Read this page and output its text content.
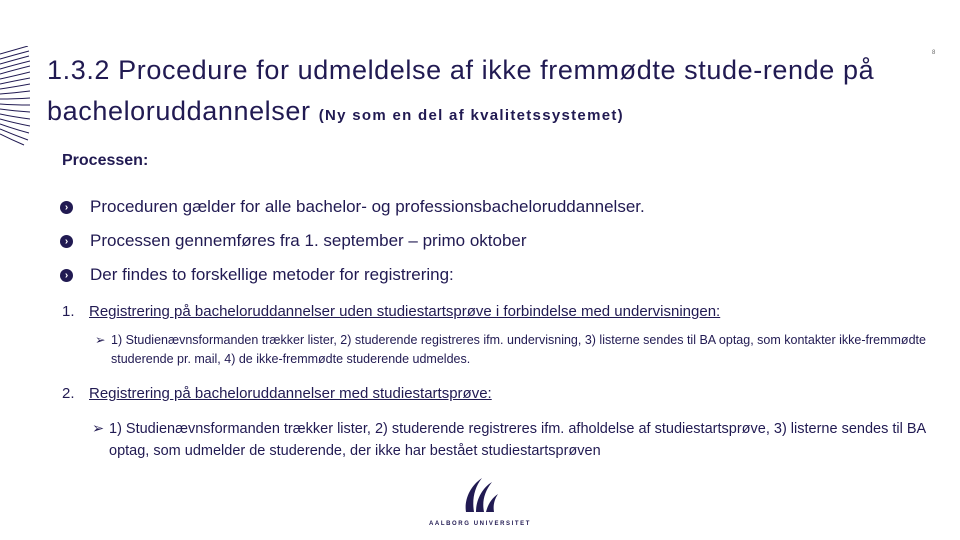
8
1.3.2 Procedure for udmeldelse af ikke fremmødte stude-rende på bacheloruddannelser (Ny som en del af kvalitetssystemet)
Processen:
› Proceduren gælder for alle bachelor- og professionsbacheloruddannelser.
› Processen gennemføres fra 1. september – primo oktober
› Der findes to forskellige metoder for registrering:
1. Registrering på bacheloruddannelser uden studiestartsprøve i forbindelse med undervisningen:
➢ 1) Studienævnsformanden trækker lister, 2) studerende registreres ifm. undervisning, 3) listerne sendes til BA optag, som kontakter ikke-fremmødte studerende pr. mail, 4) de ikke-fremmødte studerende udmeldes.
2. Registrering på bacheloruddannelser med studiestartsprøve:
➢ 1) Studienævnsformanden trækker lister, 2) studerende registreres ifm. afholdelse af studiestartsprøve, 3) listerne sendes til BA optag, som udmelder de studerende, der ikke har bestået studiestartsprøven
AALBORG UNIVERSITET
